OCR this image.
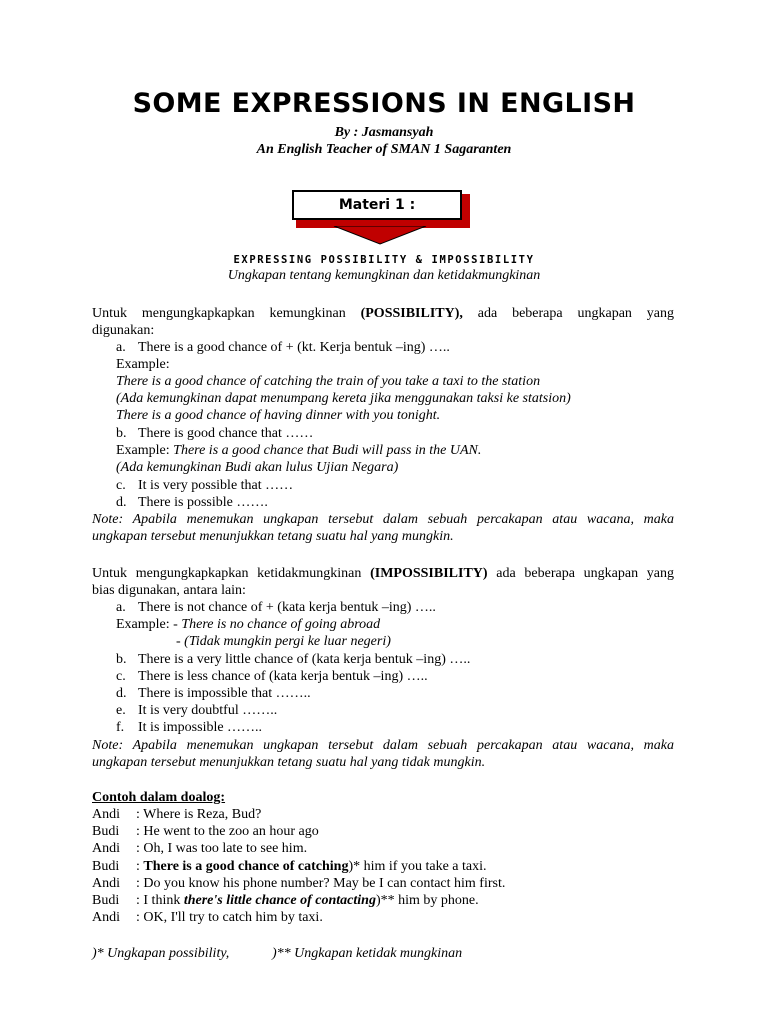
SOME EXPRESSIONS IN ENGLISH
By : Jasmansyah
An English Teacher of SMAN 1 Sagaranten
Materi 1 :
EXPRESSING POSSIBILITY & IMPOSSIBILITY
Ungkapan tentang kemungkinan dan ketidakmungkinan
Untuk mengungkapkapkan kemungkinan (POSSIBILITY), ada beberapa ungkapan yang
digunakan:
a. There is a good chance of + (kt. Kerja bentuk –ing) …..
Example:
There is a good chance of catching the train of you take a taxi to the station
(Ada kemungkinan dapat menumpang kereta jika menggunakan taksi ke statsion)
There is a good chance of having dinner with you tonight.
b. There is good chance that ……
Example: There is a good chance that Budi will pass in the UAN.
(Ada kemungkinan Budi akan lulus Ujian Negara)
c. It is very possible that ……
d. There is possible …….
Note: Apabila menemukan ungkapan tersebut dalam sebuah percakapan atau wacana, maka
ungkapan tersebut menunjukkan tetang suatu hal yang mungkin.
Untuk mengungkapkapkan ketidakmungkinan (IMPOSSIBILITY) ada beberapa ungkapan yang
bias digunakan, antara lain:
a. There is not chance of + (kata kerja bentuk –ing) …..
Example: - There is no chance of going abroad
- (Tidak mungkin pergi ke luar negeri)
b. There is a very little chance of (kata kerja bentuk –ing) …..
c. There is less chance of (kata kerja bentuk –ing) …..
d. There is impossible that ……..
e. It is very doubtful ……..
f. It is impossible ……..
Note: Apabila menemukan ungkapan tersebut dalam sebuah percakapan atau wacana, maka
ungkapan tersebut menunjukkan tetang suatu hal yang tidak mungkin.
Contoh dalam doalog:
Andi : Where is Reza, Bud?
Budi : He went to the zoo an hour ago
Andi : Oh, I was too late to see him.
Budi : There is a good chance of catching)* him if you take a taxi.
Andi : Do you know his phone number? May be I can contact him first.
Budi : I think there's little chance of contacting)** him by phone.
Andi : OK, I'll try to catch him by taxi.
)* Ungkapan possibility,	)** Ungkapan ketidak mungkinan
